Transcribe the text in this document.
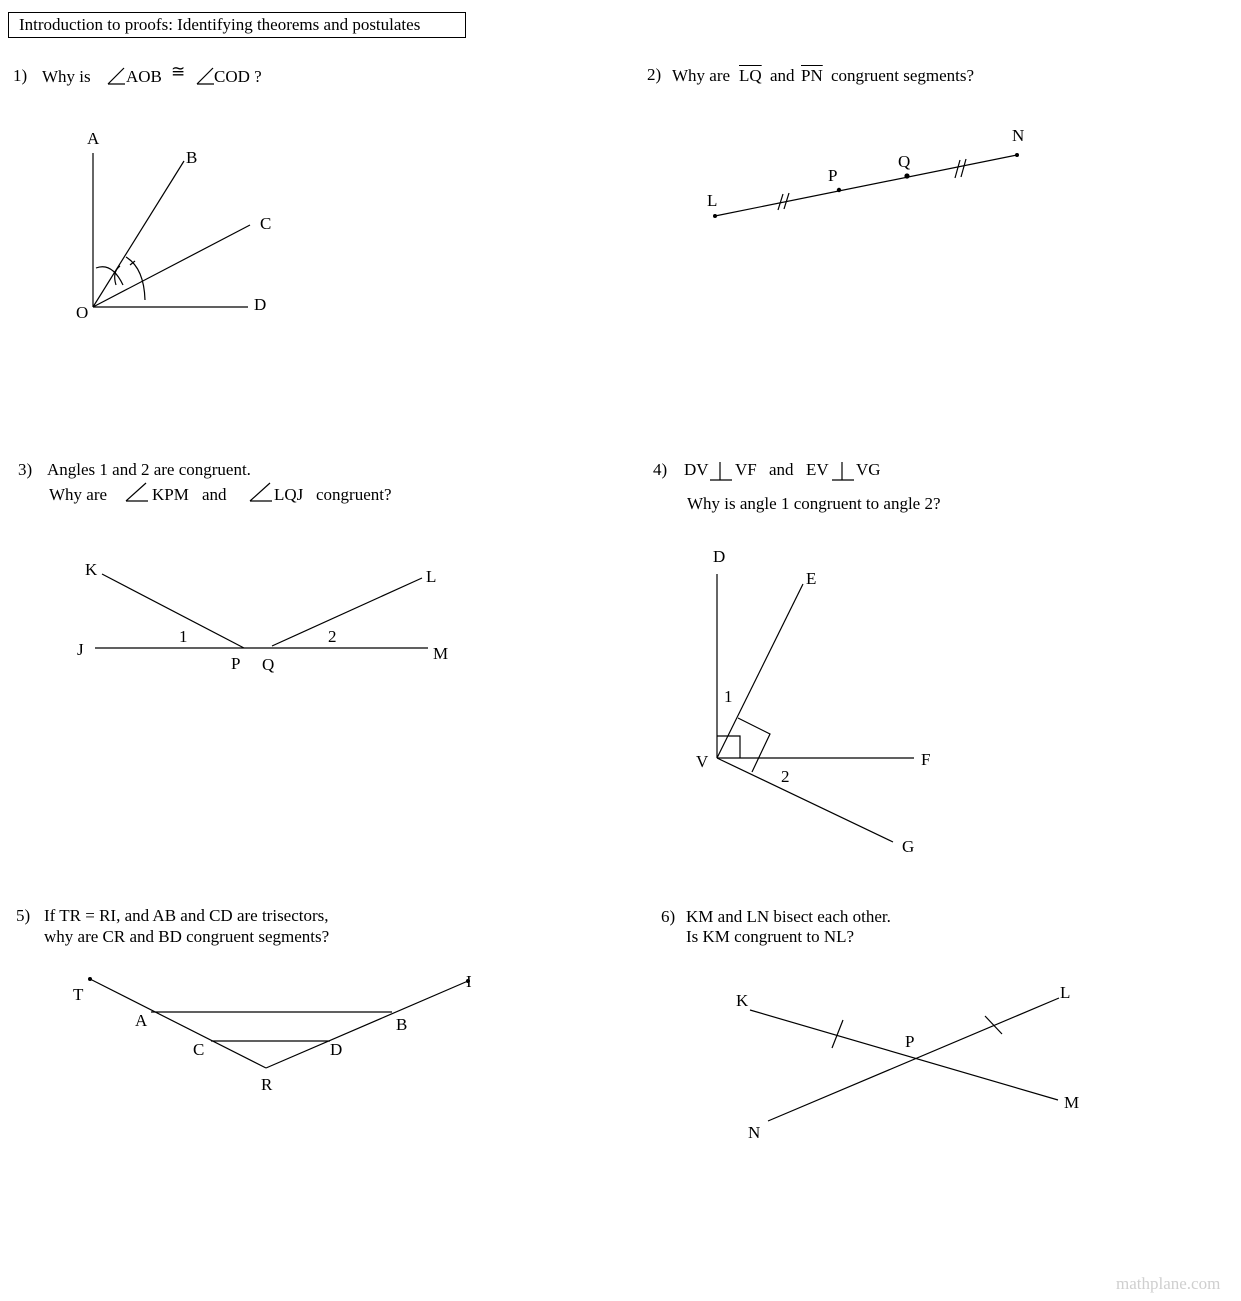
Introduction to proofs: Identifying theorems and postulates
1) Why is AOB ≅ COD ?	2) Why are $\overline{LQ}$ and $\overline{PN}$ congruent segments?
3) Angles 1 and 2 are congruent.
Why are	KPM and	LQJ congruent?
4) DV VF and EV VG
Why is angle 1 congruent to angle 2?
5) If TR = RI, and AB and CD are trisectors,
why are CR and BD congruent segments?
6) KM and LN bisect each other.
Is KM congruent to NL?
A
B
C
D
O
L
P
Q
N
K	L
J	M
P Q
1	2
D
E
V	F
G
1
2
T
I
A	B
C	D
R
K	L
P
M
N
mathplane.com
